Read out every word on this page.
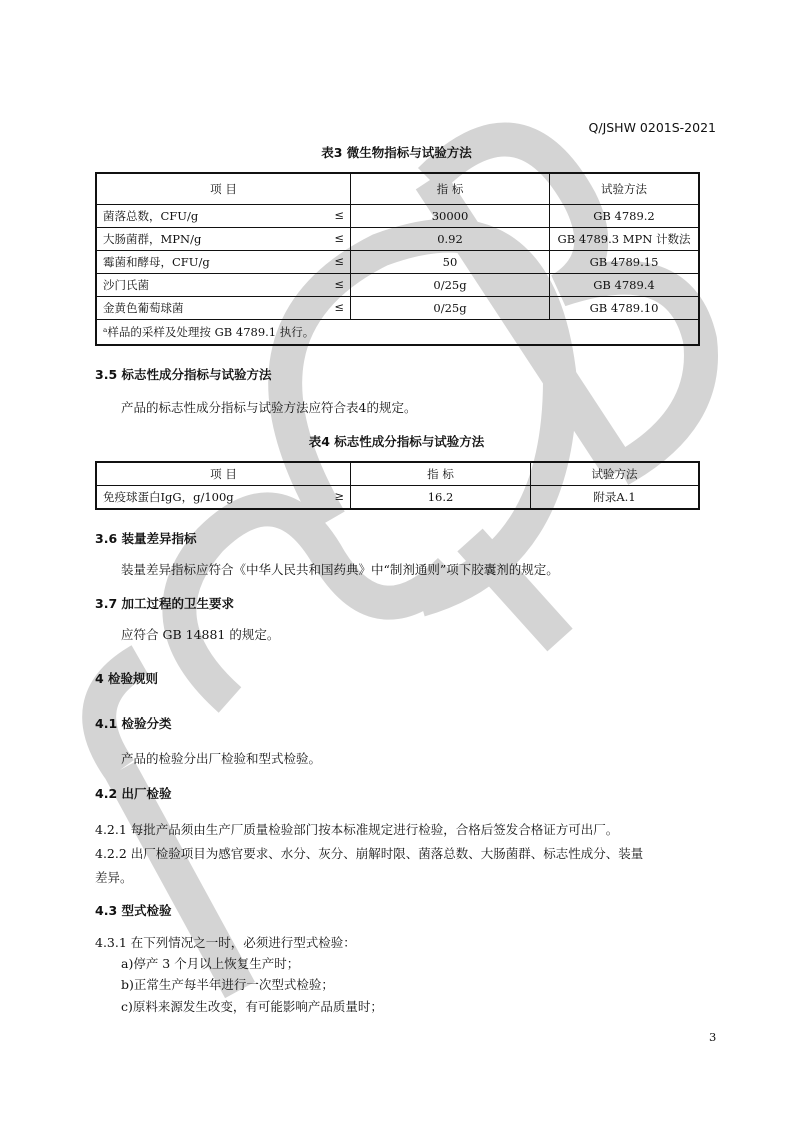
Q/JSHW 0201S-2021
表3 微生物指标与试验方法
项 目	指 标	试验方法
菌落总数，CFU/g ≤	30000	GB 4789.2
大肠菌群，MPN/g ≤	0.92	GB 4789.3 MPN 计数法
霉菌和酵母，CFU/g ≤	50	GB 4789.15
沙门氏菌 ≤	0/25g	GB 4789.4
金黄色葡萄球菌 ≤	0/25g	GB 4789.10
ᵃ样品的采样及处理按 GB 4789.1 执行。		
3.5 标志性成分指标与试验方法
产品的标志性成分指标与试验方法应符合表4的规定。
表4 标志性成分指标与试验方法
项 目	指 标	试验方法
免疫球蛋白IgG，g/100g ≥	16.2	附录A.1
3.6 装量差异指标
装量差异指标应符合《中华人民共和国药典》中“制剂通则”项下胶囊剂的规定。
3.7 加工过程的卫生要求
应符合 GB 14881 的规定。
4 检验规则
4.1 检验分类
产品的检验分出厂检验和型式检验。
4.2 出厂检验
4.2.1 每批产品须由生产厂质量检验部门按本标准规定进行检验，合格后签发合格证方可出厂。
4.2.2 出厂检验项目为感官要求、水分、灰分、崩解时限、菌落总数、大肠菌群、标志性成分、装量
差异。
4.3 型式检验
4.3.1 在下列情况之一时，必须进行型式检验：
a)停产 3 个月以上恢复生产时；
b)正常生产每半年进行一次型式检验；
c)原料来源发生改变，有可能影响产品质量时；
3
